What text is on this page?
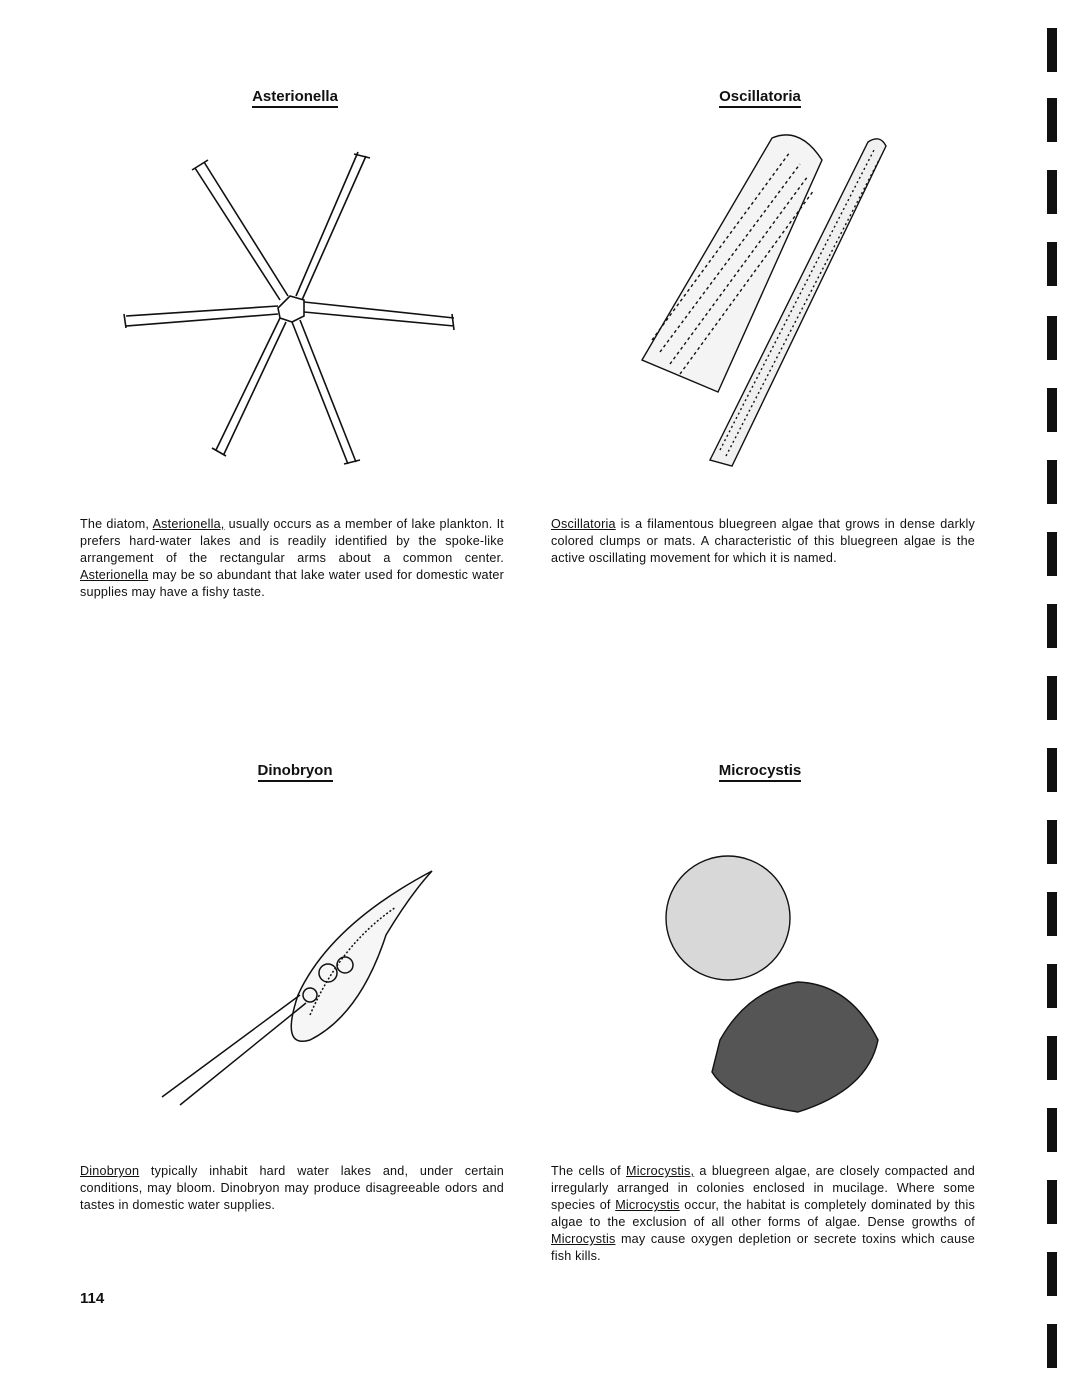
Asterionella	Oscillatoria
Dinobryon	Microcystis
The diatom, Asterionella, usually occurs as a member of lake plankton. It prefers hard-water lakes and is readily identified by the spoke-like arrangement of the rectangular arms about a common center. Asterionella may be so abundant that lake water used for domestic water supplies may have a fishy taste.
Oscillatoria is a filamentous bluegreen algae that grows in dense darkly colored clumps or mats. A characteristic of this bluegreen algae is the active oscillating movement for which it is named.
Dinobryon typically inhabit hard water lakes and, under certain conditions, may bloom. Dinobryon may produce disagreeable odors and tastes in domestic water supplies.
The cells of Microcystis, a bluegreen algae, are closely compacted and irregularly arranged in colonies enclosed in mucilage. Where some species of Microcystis occur, the habitat is completely dominated by this algae to the exclusion of all other forms of algae. Dense growths of Microcystis may cause oxygen depletion or secrete toxins which cause fish kills.
114
